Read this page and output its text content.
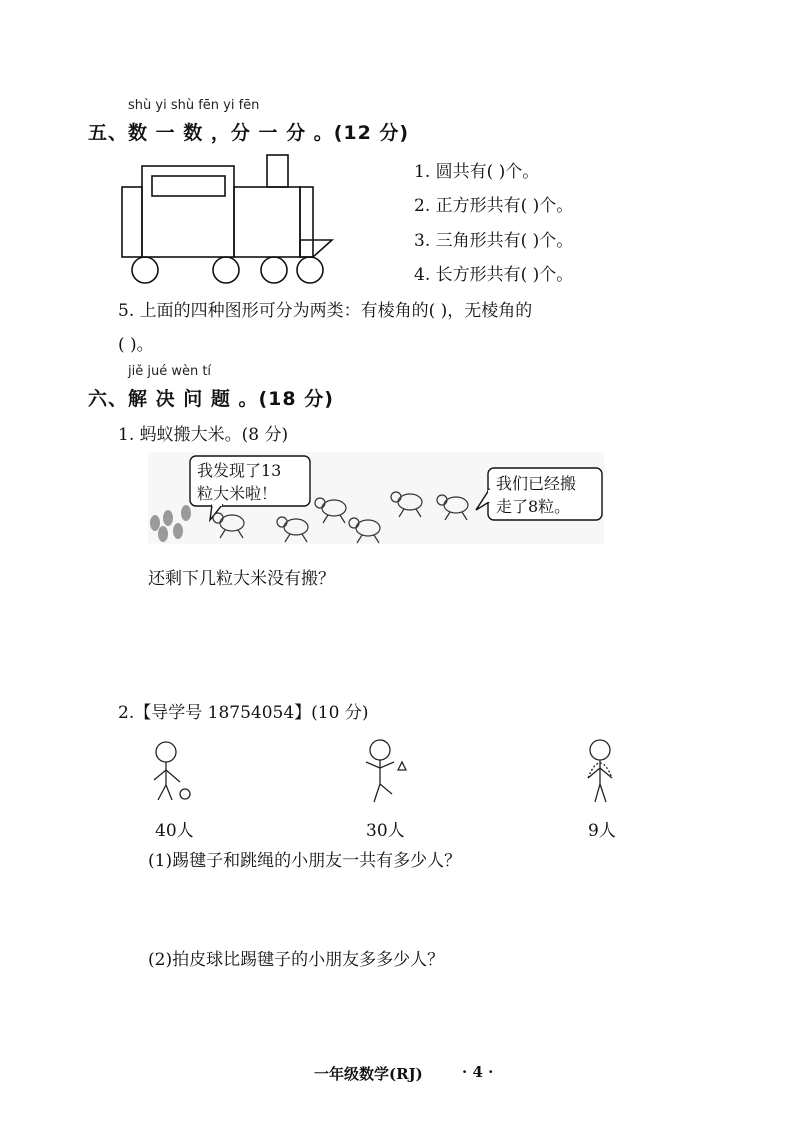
shù yi shù fēn yi fēn
五、数 一 数 ，分 一 分 。(12 分)
1. 圆共有( )个。
2. 正方形共有( )个。
3. 三角形共有( )个。
4. 长方形共有( )个。
5. 上面的四种图形可分为两类：有棱角的( )，无棱角的
( )。
jiě jué wèn tí
六、解 决 问 题 。(18 分)
1. 蚂蚁搬大米。(8 分)
我发现了13
粒大米啦！
我们已经搬
走了8粒。
还剩下几粒大米没有搬？
2.【导学号 18754054】(10 分)
40人	30人	9人
(1)踢毽子和跳绳的小朋友一共有多少人？
(2)拍皮球比踢毽子的小朋友多多少人？
一年级数学(RJ)	· 4 ·
